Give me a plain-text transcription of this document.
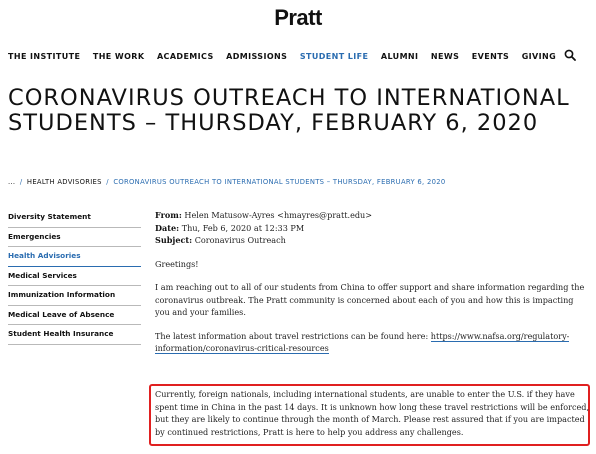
Pratt
THE INSTITUTE THE WORK ACADEMICS ADMISSIONS STUDENT LIFE ALUMNI NEWS EVENTS GIVING
CORONAVIRUS OUTREACH TO INTERNATIONAL STUDENTS – THURSDAY, FEBRUARY 6, 2020
... / HEALTH ADVISORIES / CORONAVIRUS OUTREACH TO INTERNATIONAL STUDENTS – THURSDAY, FEBRUARY 6, 2020
Diversity Statement
Emergencies
Health Advisories
Medical Services
Immunization Information
Medical Leave of Absence
Student Health Insurance
From: Helen Matusow-Ayres <hmayres@pratt.edu>
Date: Thu, Feb 6, 2020 at 12:33 PM
Subject: Coronavirus Outreach

Greetings!

I am reaching out to all of our students from China to offer support and share information regarding the coronavirus outbreak. The Pratt community is concerned about each of you and how this is impacting you and your families.

The latest information about travel restrictions can be found here: https://www.nafsa.org/regulatory-information/coronavirus-critical-resources

Currently, foreign nationals, including international students, are unable to enter the U.S. if they have spent time in China in the past 14 days. It is unknown how long these travel restrictions will be enforced, but they are likely to continue through the month of March. Please rest assured that if you are impacted by continued restrictions, Pratt is here to help you address any challenges.
